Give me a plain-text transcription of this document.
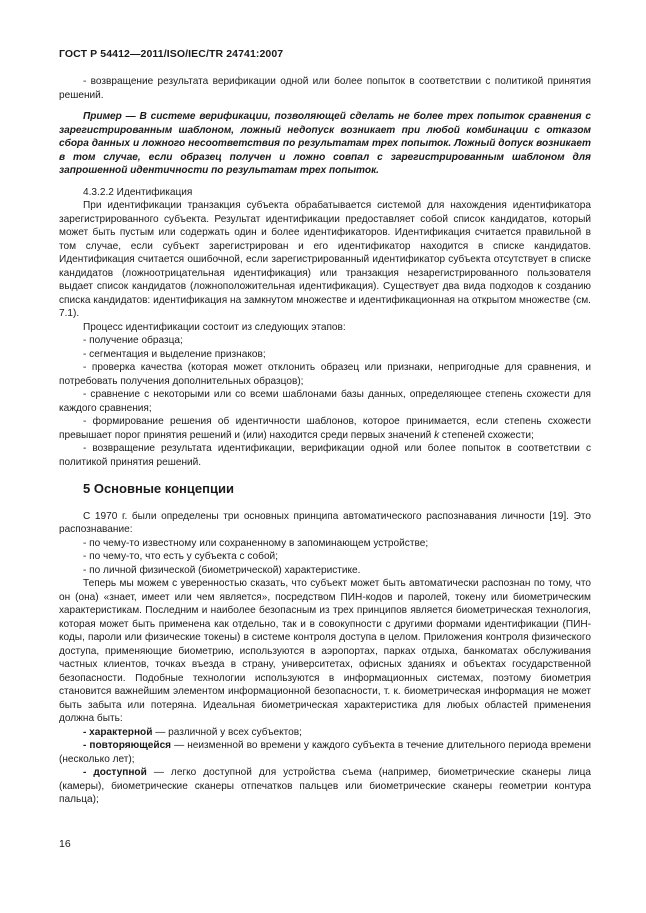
ГОСТ Р 54412—2011/ISO/IEC/TR 24741:2007

- возвращение результата верификации одной или более попыток в соответствии с политикой принятия решений.

Пример — В системе верификации, позволяющей сделать не более трех попыток сравнения с зарегистрированным шаблоном, ложный недопуск возникает при любой комбинации с отказом сбора данных и ложного несоответствия по результатам трех попыток. Ложный допуск возникает в том случае, если образец получен и ложно совпал с зарегистрированным шаблоном для запрошенной идентичности по результатам трех попыток.

4.3.2.2 Идентификация

При идентификации транзакция субъекта обрабатывается системой для нахождения идентификатора зарегистрированного субъекта. Результат идентификации предоставляет собой список кандидатов, который может быть пустым или содержать один и более идентификаторов. Идентификация считается правильной в том случае, если субъект зарегистрирован и его идентификатор находится в списке кандидатов. Идентификация считается ошибочной, если зарегистрированный идентификатор субъекта отсутствует в списке кандидатов (ложноотрицательная идентификация) или транзакция незарегистрированного пользователя выдает список кандидатов (ложноположительная идентификация). Существует два вида подходов к созданию списка кандидатов: идентификация на замкнутом множестве и идентификационная на открытом множестве (см. 7.1).

Процесс идентификации состоит из следующих этапов:

- получение образца;

- сегментация и выделение признаков;

- проверка качества (которая может отклонить образец или признаки, непригодные для сравнения, и потребовать получения дополнительных образцов);

- сравнение с некоторыми или со всеми шаблонами базы данных, определяющее степень схожести для каждого сравнения;

- формирование решения об идентичности шаблонов, которое принимается, если степень схожести превышает порог принятия решений и (или) находится среди первых значений k степеней схожести;

- возвращение результата идентификации, верификации одной или более попыток в соответствии с политикой принятия решений.

5 Основные концепции

С 1970 г. были определены три основных принципа автоматического распознавания личности [19]. Это распознавание:

- по чему-то известному или сохраненному в запоминающем устройстве;

- по чему-то, что есть у субъекта с собой;

- по личной физической (биометрической) характеристике.

Теперь мы можем с уверенностью сказать, что субъект может быть автоматически распознан по тому, что он (она) «знает, имеет или чем является», посредством ПИН-кодов и паролей, токену или биометрическим характеристикам. Последним и наиболее безопасным из трех принципов является биометрическая технология, которая может быть применена как отдельно, так и в совокупности с другими формами идентификации (ПИН-коды, пароли или физические токены) в системе контроля доступа в целом. Приложения контроля физического доступа, применяющие биометрию, используются в аэропортах, парках отдыха, банкоматах обслуживания частных клиентов, точках въезда в страну, университетах, офисных зданиях и объектах государственной безопасности. Подобные технологии используются в информационных системах, поэтому биометрия становится важнейшим элементом информационной безопасности, т. к. биометрическая информация не может быть забыта или потеряна. Идеальная биометрическая характеристика для любых областей применения должна быть:

- характерной — различной у всех субъектов;

- повторяющейся — неизменной во времени у каждого субъекта в течение длительного периода времени (несколько лет);

- доступной — легко доступной для устройства съема (например, биометрические сканеры лица (камеры), биометрические сканеры отпечатков пальцев или биометрические сканеры геометрии контура пальца);

16
